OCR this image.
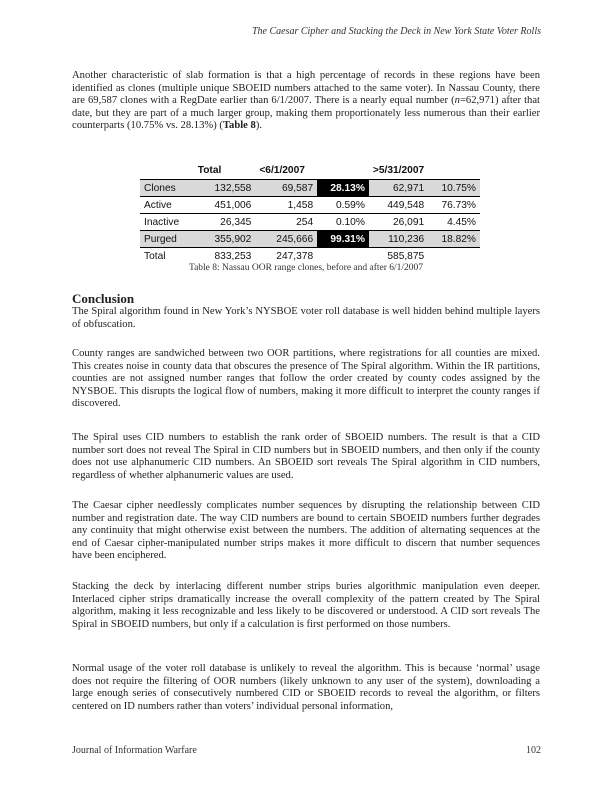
The Caesar Cipher and Stacking the Deck in New York State Voter Rolls

Another characteristic of slab formation is that a high percentage of records in these regions have been identified as clones (multiple unique SBOEID numbers attached to the same voter). In Nassau County, there are 69,587 clones with a RegDate earlier than 6/1/2007. There is a nearly equal number (n=62,971) after that date, but they are part of a much larger group, making them proportionately less numerous than their earlier counterparts (10.75% vs. 28.13%) (Table 8).

	Total	<6/1/2007		>5/31/2007	
Clones	132,558	69,587	28.13%	62,971	10.75%
Active	451,006	1,458	0.59%	449,548	76.73%
Inactive	26,345	254	0.10%	26,091	4.45%
Purged	355,902	245,666	99.31%	110,236	18.82%
Total	833,253	247,378		585,875	
Table 8: Nassau OOR range clones, before and after 6/1/2007
Conclusion

The Spiral algorithm found in New York’s NYSBOE voter roll database is well hidden behind multiple layers of obfuscation.

County ranges are sandwiched between two OOR partitions, where registrations for all counties are mixed. This creates noise in county data that obscures the presence of The Spiral algorithm. Within the IR partitions, counties are not assigned number ranges that follow the order created by county codes assigned by the NYSBOE. This disrupts the logical flow of numbers, making it more difficult to interpret the county ranges if discovered.

The Spiral uses CID numbers to establish the rank order of SBOEID numbers. The result is that a CID number sort does not reveal The Spiral in CID numbers but in SBOEID numbers, and then only if the county does not use alphanumeric CID numbers. An SBOEID sort reveals The Spiral algorithm in CID numbers, regardless of whether alphanumeric values are used.

The Caesar cipher needlessly complicates number sequences by disrupting the relationship between CID number and registration date. The way CID numbers are bound to certain SBOEID numbers further degrades any continuity that might otherwise exist between the numbers. The addition of alternating sequences at the end of Caesar cipher-manipulated number strips makes it more difficult to discern that number sequences have been enciphered.

Stacking the deck by interlacing different number strips buries algorithmic manipulation even deeper. Interlaced cipher strips dramatically increase the overall complexity of the pattern created by The Spiral algorithm, making it less recognizable and less likely to be discovered or understood. A CID sort reveals The Spiral in SBOEID numbers, but only if a calculation is first performed on those numbers.

Normal usage of the voter roll database is unlikely to reveal the algorithm. This is because ‘normal’ usage does not require the filtering of OOR numbers (likely unknown to any user of the system), downloading a large enough series of consecutively numbered CID or SBOEID records to reveal the algorithm, or filters centered on ID numbers rather than voters’ individual personal information,

Journal of Information Warfare	102
